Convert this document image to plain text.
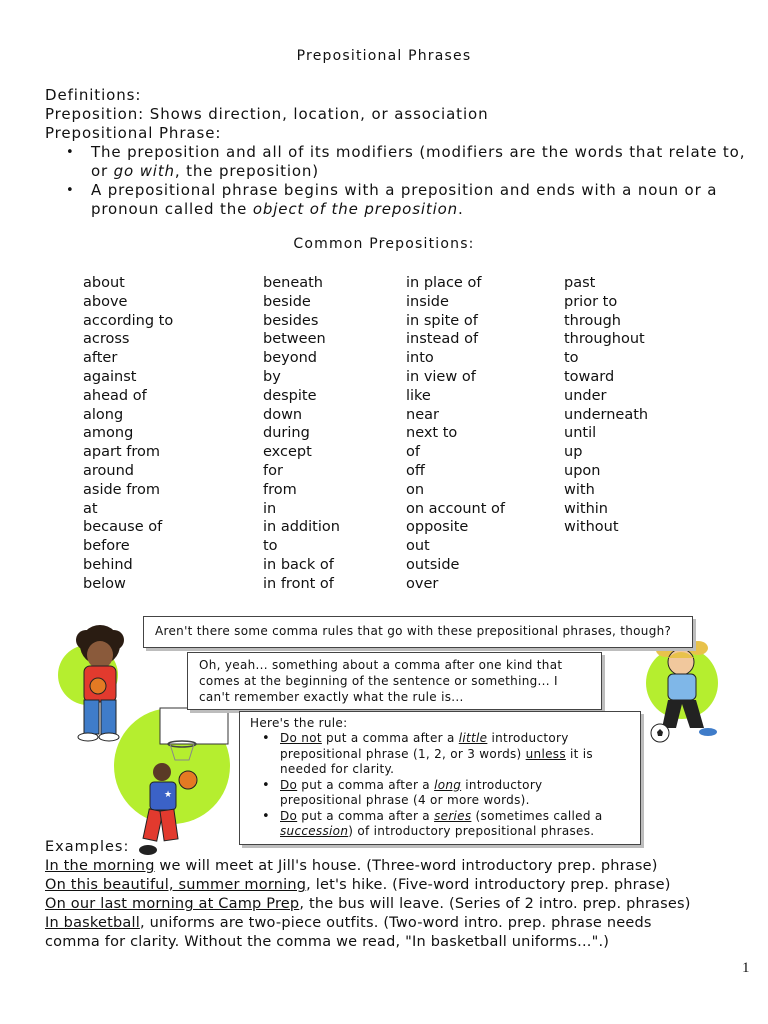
Prepositional Phrases
Definitions:
Preposition: Shows direction, location, or association
Prepositional Phrase:
• The preposition and all of its modifiers (modifiers are the words that relate to,
or go with, the preposition)
• A prepositional phrase begins with a preposition and ends with a noun or a
pronoun called the object of the preposition.
Common Prepositions:
about
above
according to
across
after
against
ahead of
along
among
apart from
around
aside from
at
because of
before
behind
below
beneath
beside
besides
between
beyond
by
despite
down
during
except
for
from
in
in addition
to
in back of
in front of
in place of
inside
in spite of
instead of
into
in view of
like
near
next to
of
off
on
on account of
opposite
out
outside
over
past
prior to
through
throughout
to
toward
under
underneath
until
up
upon
with
within
without
★
Aren't there some comma rules that go with these prepositional phrases, though?
Oh, yeah... something about a comma after one kind that
comes at the beginning of the sentence or something... I
can't remember exactly what the rule is...
Here's the rule:
• Do not put a comma after a little introductory
prepositional phrase (1, 2, or 3 words) unless it is
needed for clarity.
• Do put a comma after a long introductory
prepositional phrase (4 or more words).
• Do put a comma after a series (sometimes called a
succession) of introductory prepositional phrases.
Examples:
In the morning we will meet at Jill's house. (Three-word introductory prep. phrase)
On this beautiful, summer morning, let's hike. (Five-word introductory prep. phrase)
On our last morning at Camp Prep, the bus will leave. (Series of 2 intro. prep. phrases)
In basketball, uniforms are two-piece outfits. (Two-word intro. prep. phrase needs
comma for clarity. Without the comma we read, "In basketball uniforms...".)
1
